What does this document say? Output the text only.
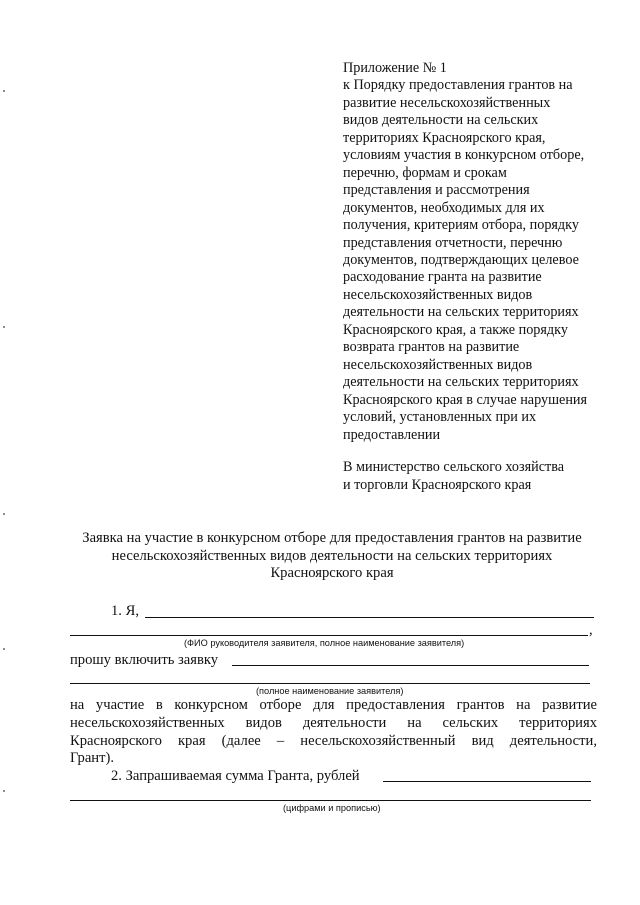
Приложение № 1
к Порядку предоставления грантов на
развитие несельскохозяйственных
видов деятельности на сельских
территориях Красноярского края,
условиям участия в конкурсном отборе,
перечню, формам и срокам
представления и рассмотрения
документов, необходимых для их
получения, критериям отбора, порядку
представления отчетности, перечню
документов, подтверждающих целевое
расходование гранта на развитие
несельскохозяйственных видов
деятельности на сельских территориях
Красноярского края, а также порядку
возврата грантов на развитие
несельскохозяйственных видов
деятельности на сельских территориях
Красноярского края в случае нарушения
условий, установленных при их
предоставлении
В министерство сельского хозяйства
и торговли Красноярского края
Заявка на участие в конкурсном отборе для предоставления грантов на развитие
несельскохозяйственных видов деятельности на сельских территориях
Красноярского края
1. Я,
,
(ФИО руководителя заявителя, полное наименование заявителя)
прошу включить заявку
(полное наименование заявителя)
на участие в конкурсном отборе для предоставления грантов на развитие
несельскохозяйственных видов деятельности на сельских территориях
Красноярского края (далее – несельскохозяйственный вид деятельности,
Грант).
2. Запрашиваемая сумма Гранта, рублей
(цифрами и прописью)
